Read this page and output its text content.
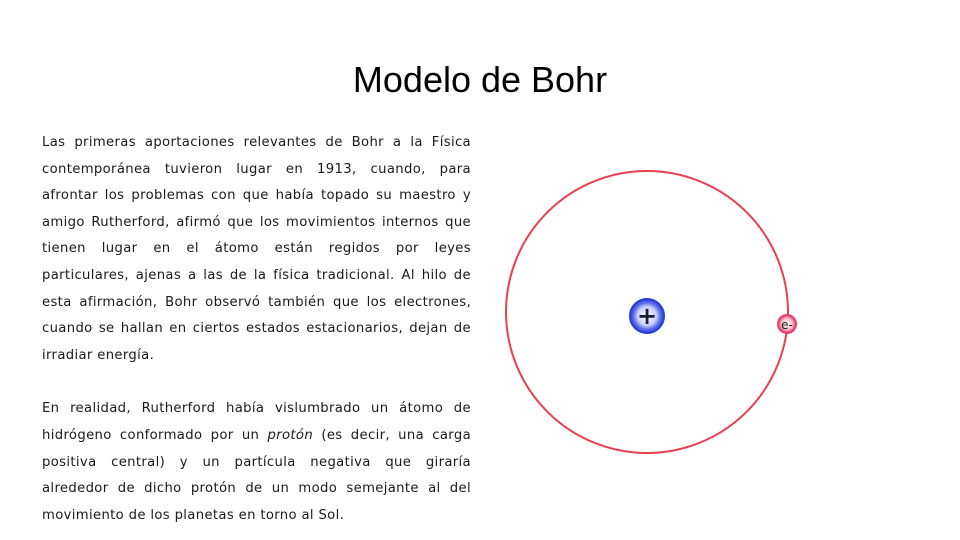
Modelo de Bohr

Las primeras aportaciones relevantes de Bohr a la Física contemporánea tuvieron lugar en 1913, cuando, para afrontar los problemas con que había topado su maestro y amigo Rutherford, afirmó que los movimientos internos que tienen lugar en el átomo están regidos por leyes particulares, ajenas a las de la física tradicional. Al hilo de esta afirmación, Bohr observó también que los electrones, cuando se hallan en ciertos estados estacionarios, dejan de irradiar energía.

En realidad, Rutherford había vislumbrado un átomo de hidrógeno conformado por un protón (es decir, una carga positiva central) y un partícula negativa que giraría alrededor de dicho protón de un modo semejante al del movimiento de los planetas en torno al Sol.

+	e-
